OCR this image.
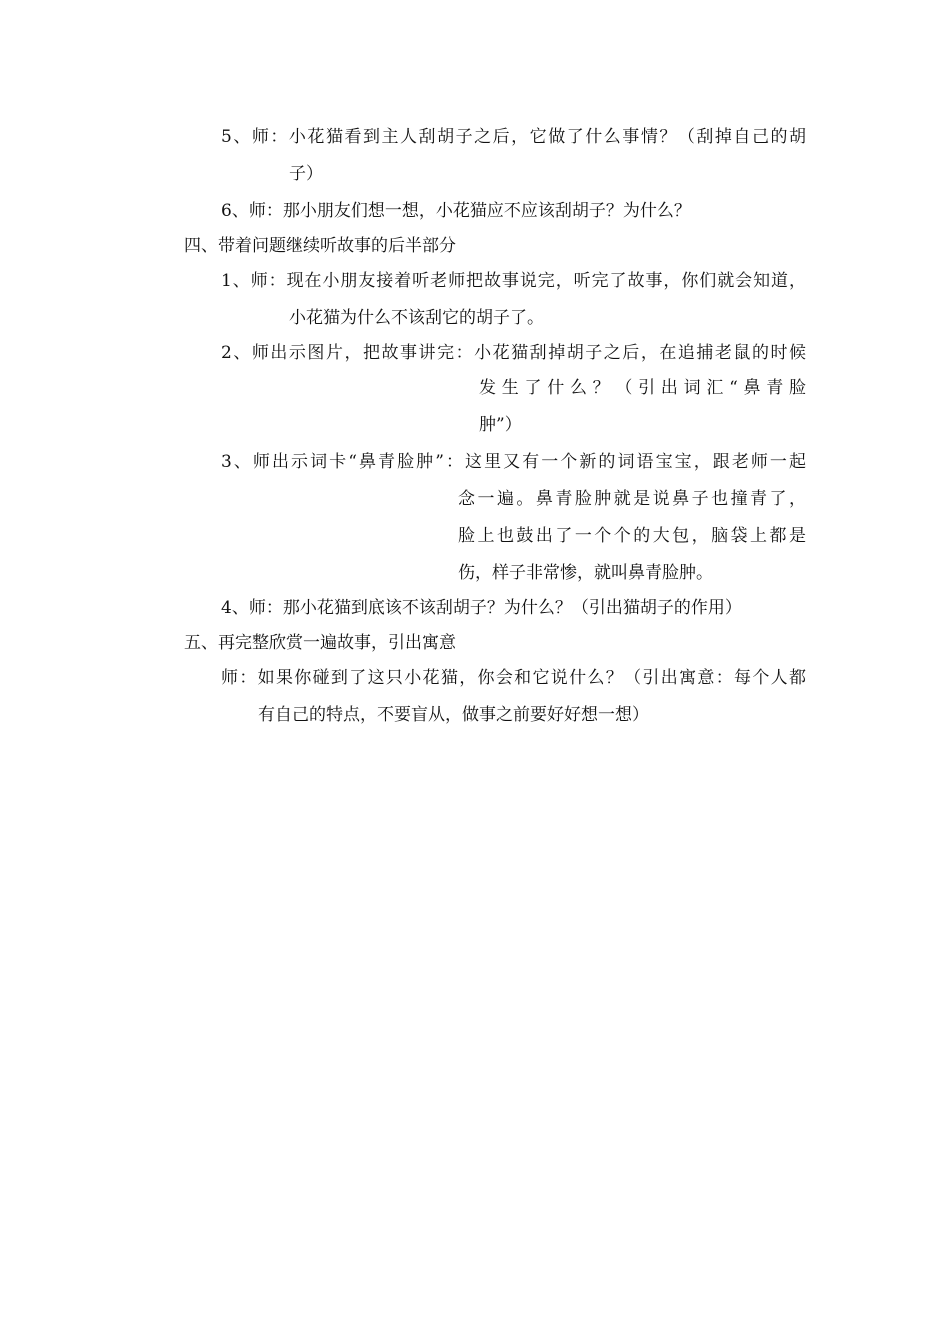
5、师：小花猫看到主人刮胡子之后，它做了什么事情？（刮掉自己的胡
子）
6、师：那小朋友们想一想，小花猫应不应该刮胡子？为什么？
四、带着问题继续听故事的后半部分
1、师：现在小朋友接着听老师把故事说完，听完了故事，你们就会知道，
小花猫为什么不该刮它的胡子了。
2、师出示图片，把故事讲完：小花猫刮掉胡子之后，在追捕老鼠的时候
发生了什么？（引出词汇“鼻青脸
肿”）
3、师出示词卡“鼻青脸肿”：这里又有一个新的词语宝宝，跟老师一起
念一遍。鼻青脸肿就是说鼻子也撞青了，
脸上也鼓出了一个个的大包，脑袋上都是
伤，样子非常惨，就叫鼻青脸肿。
4、师：那小花猫到底该不该刮胡子？为什么？（引出猫胡子的作用）
五、再完整欣赏一遍故事，引出寓意
师：如果你碰到了这只小花猫，你会和它说什么？（引出寓意：每个人都
有自己的特点，不要盲从，做事之前要好好想一想）
